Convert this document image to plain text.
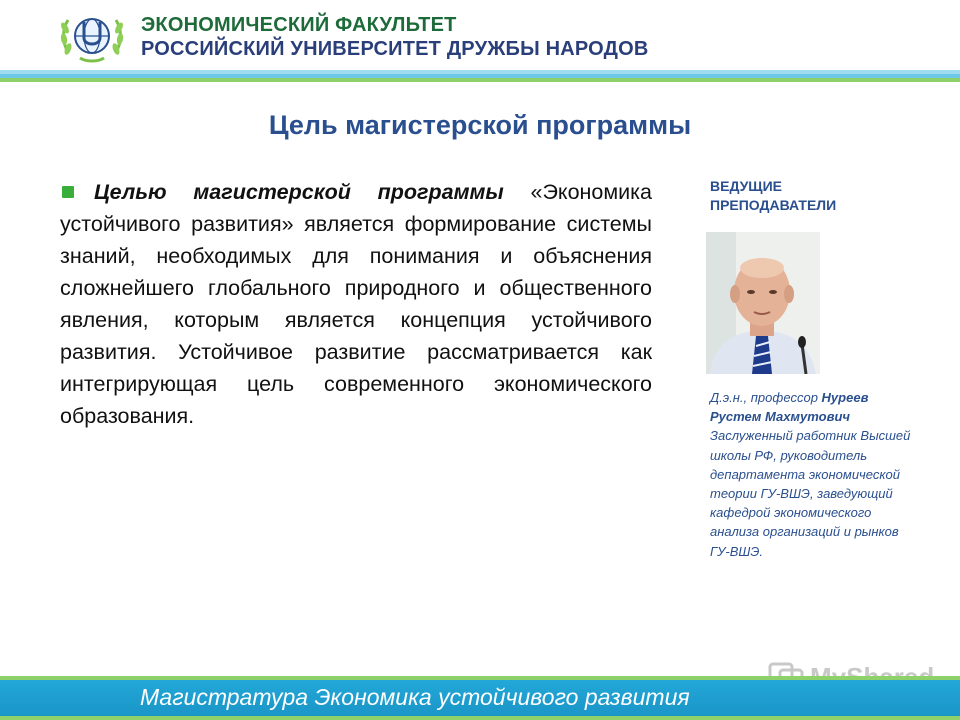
ЭКОНОМИЧЕСКИЙ ФАКУЛЬТЕТ
РОССИЙСКИЙ УНИВЕРСИТЕТ ДРУЖБЫ НАРОДОВ
Цель магистерской программы
Целью магистерской программы «Экономика устойчивого развития» является формирование системы знаний, необходимых для понимания и объяснения сложнейшего глобального природного и общественного явления, которым является концепция устойчивого развития. Устойчивое развитие рассматривается как интегрирующая цель современного экономического образования.
ВЕДУЩИЕ
ПРЕПОДАВАТЕЛИ
Д.э.н., профессор Нуреев Рустем Махмутович Заслуженный работник Высшей школы РФ, руководитель департамента экономической теории ГУ-ВШЭ, заведующий кафедрой экономического анализа организаций и рынков ГУ-ВШЭ.
Магистратура Экономика устойчивого развития
